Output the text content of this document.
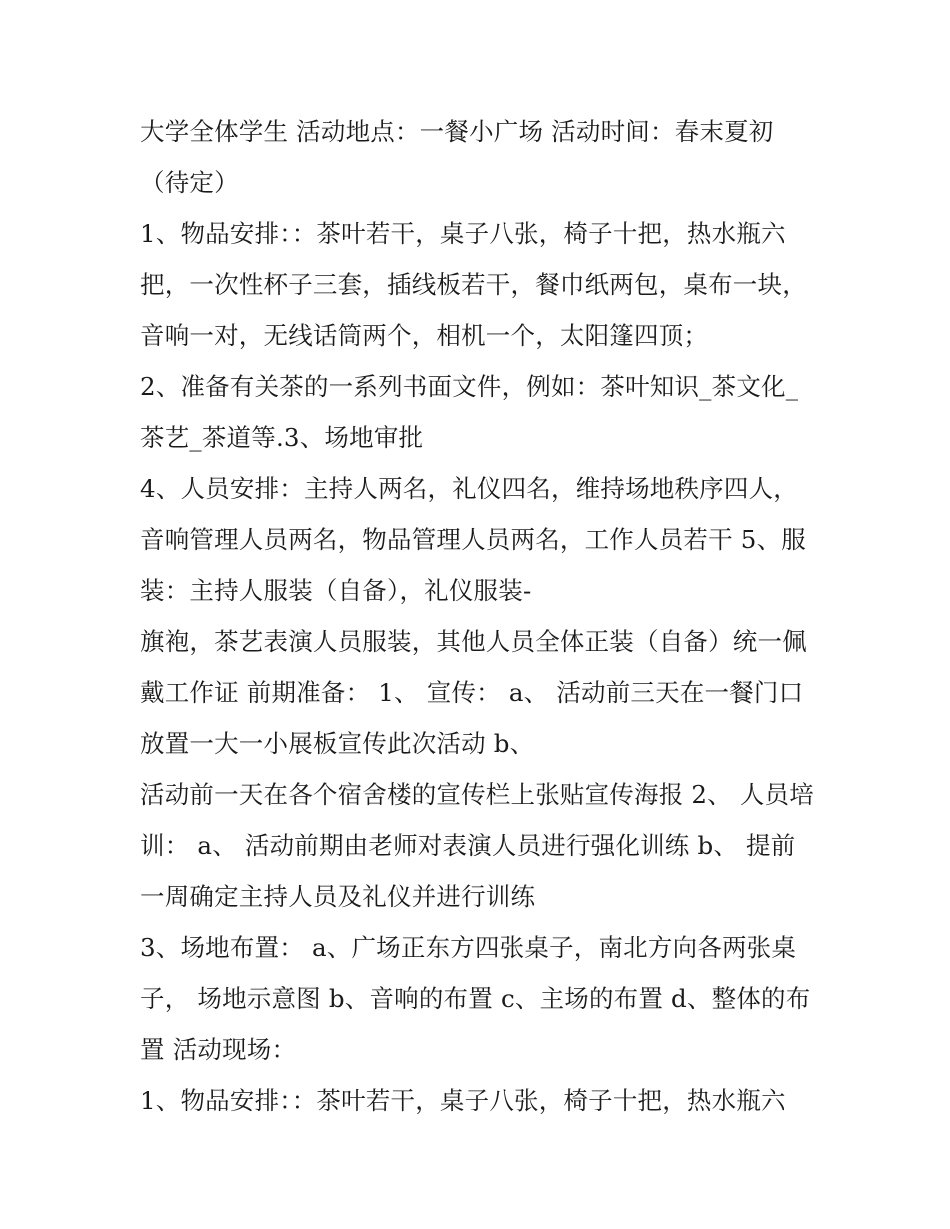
大学全体学生 活动地点：一餐小广场 活动时间：春末夏初
（待定）
1、物品安排：：茶叶若干，桌子八张，椅子十把，热水瓶六
把，一次性杯子三套，插线板若干，餐巾纸两包，桌布一块，
音响一对，无线话筒两个，相机一个，太阳篷四顶；
2、准备有关茶的一系列书面文件，例如：茶叶知识_茶文化_
茶艺_茶道等.3、场地审批
4、人员安排：主持人两名，礼仪四名，维持场地秩序四人，
音响管理人员两名，物品管理人员两名，工作人员若干 5、服
装：主持人服装（自备），礼仪服装-
旗袍，茶艺表演人员服装，其他人员全体正装（自备）统一佩
戴工作证 前期准备： 1、 宣传： a、 活动前三天在一餐门口
放置一大一小展板宣传此次活动 b、
活动前一天在各个宿舍楼的宣传栏上张贴宣传海报 2、 人员培
训： a、 活动前期由老师对表演人员进行强化训练 b、 提前
一周确定主持人员及礼仪并进行训练
3、场地布置： a、广场正东方四张桌子，南北方向各两张桌
子， 场地示意图 b、音响的布置 c、主场的布置 d、整体的布
置 活动现场：
1、物品安排：：茶叶若干，桌子八张，椅子十把，热水瓶六
